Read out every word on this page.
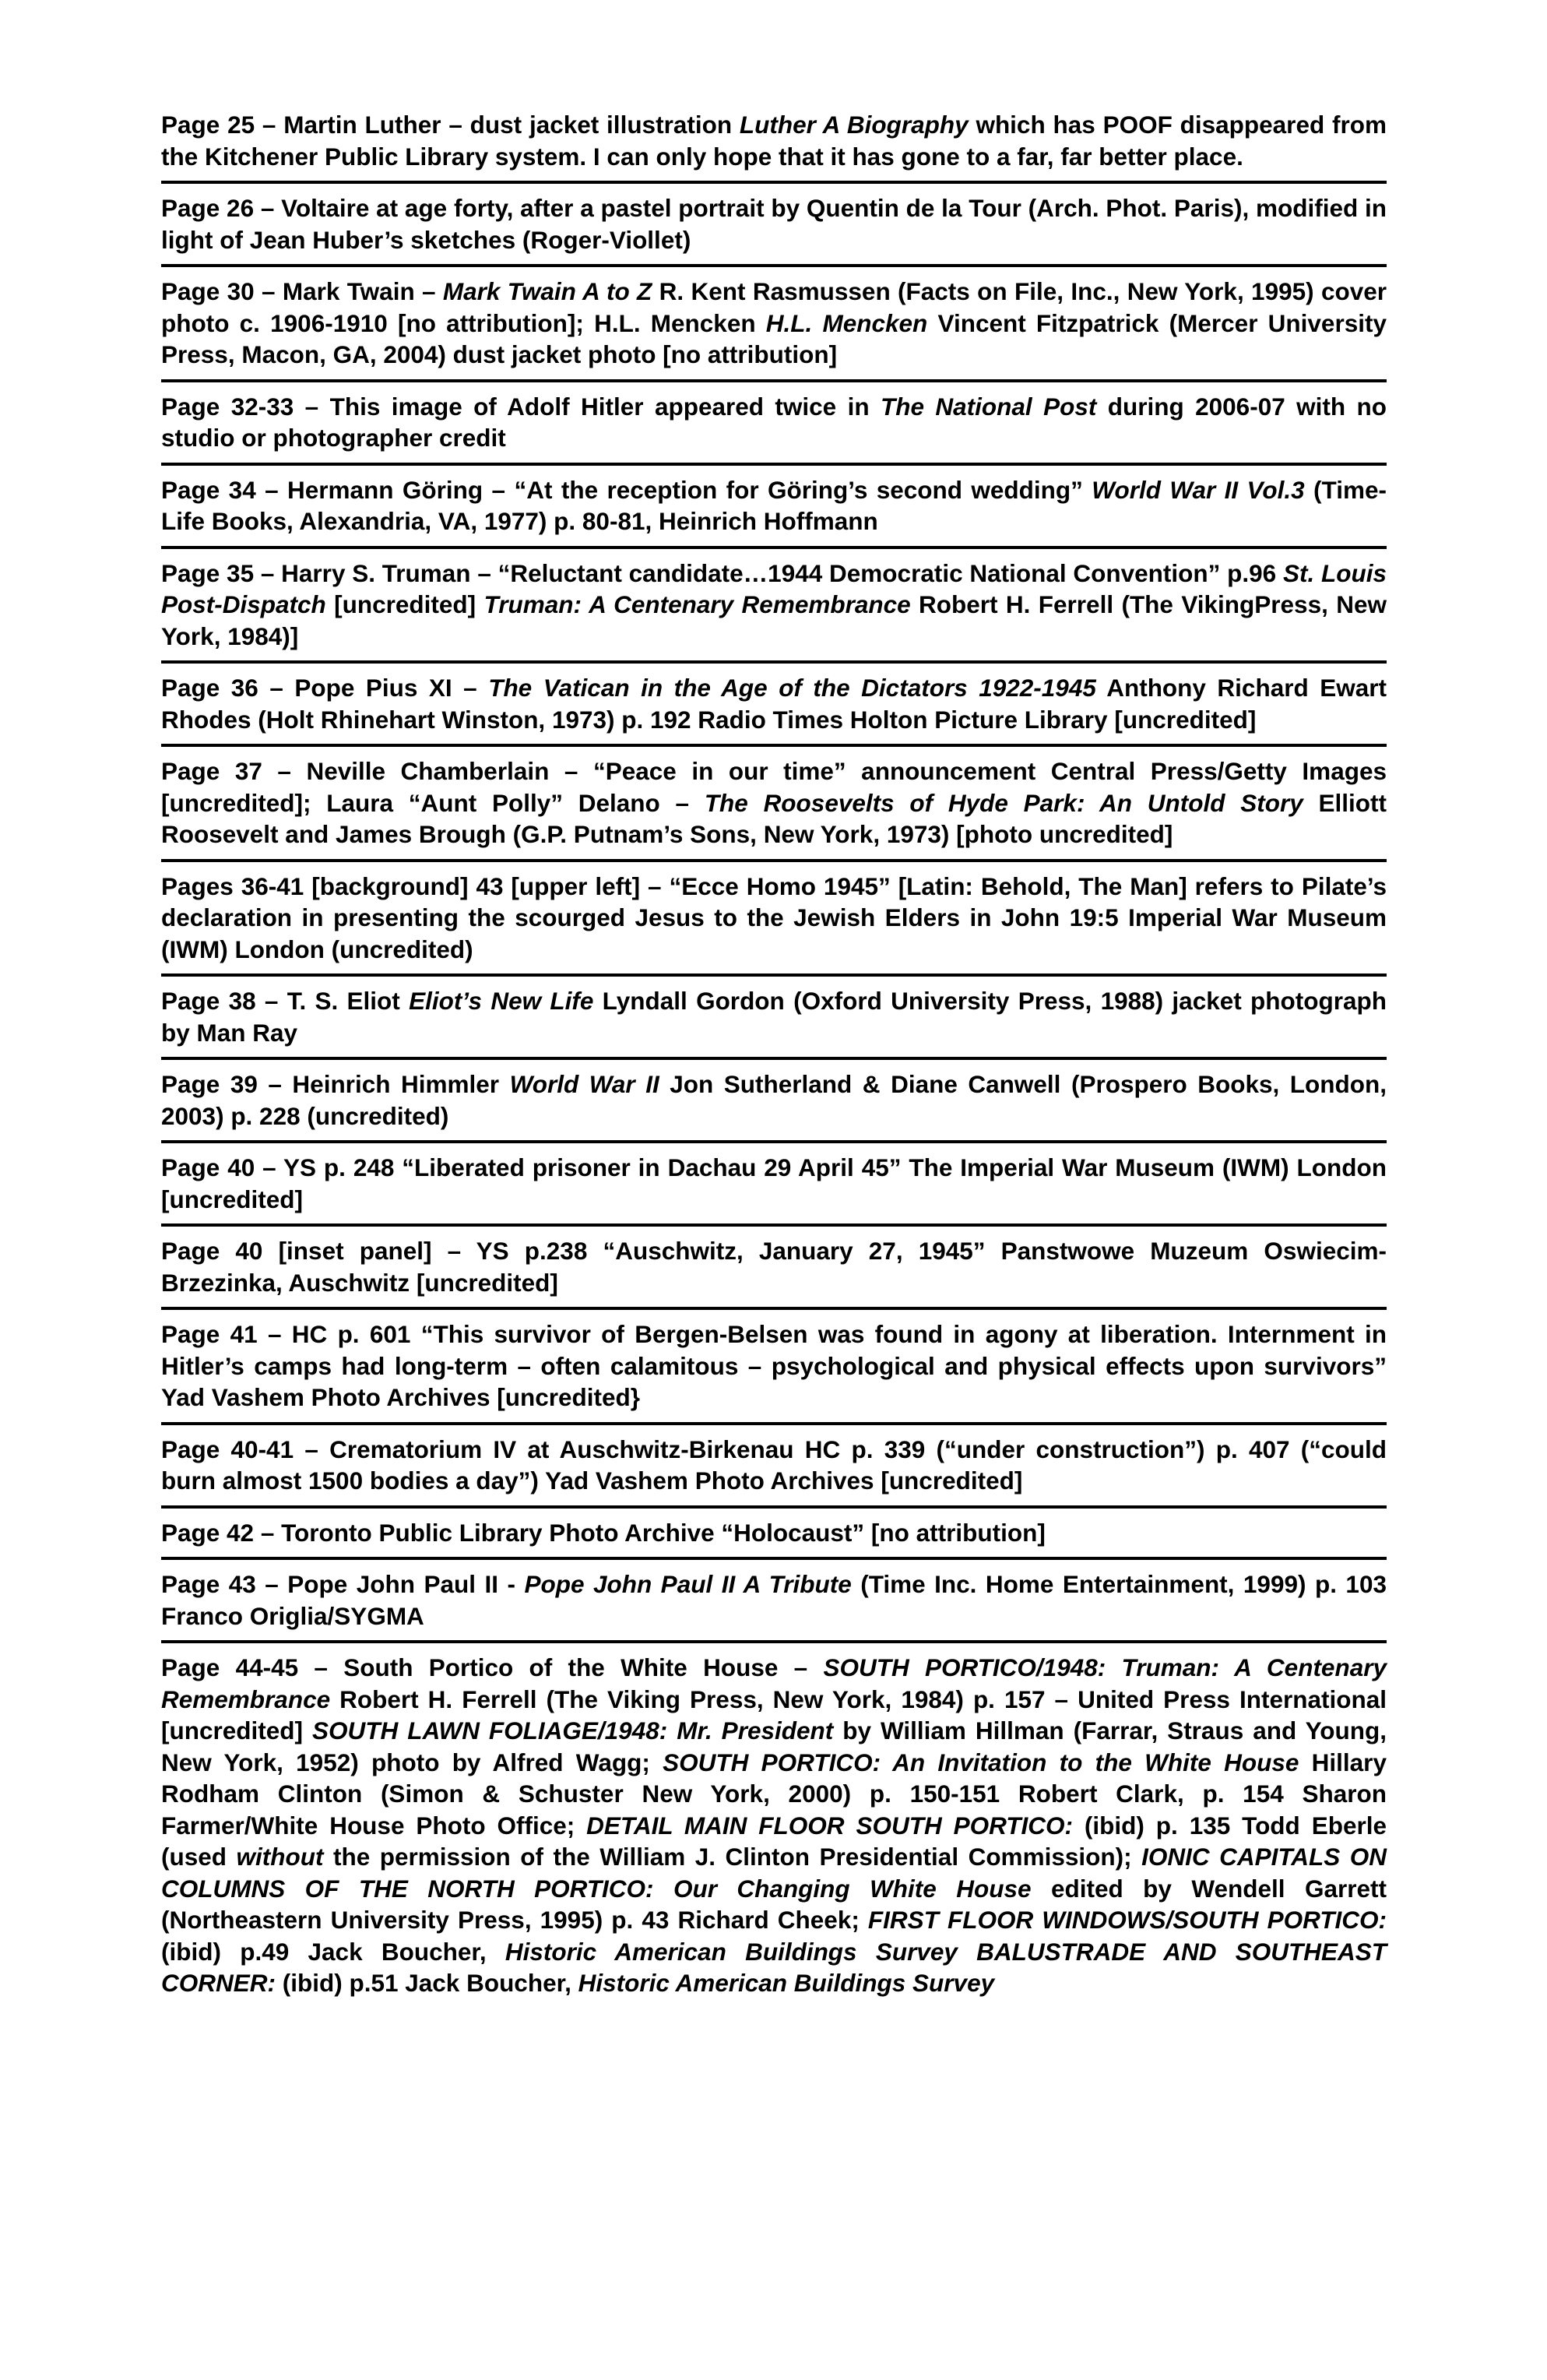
Page 25 – Martin Luther – dust jacket illustration Luther A Biography which has POOF disappeared from the Kitchener Public Library system. I can only hope that it has gone to a far, far better place.
Page 26 – Voltaire at age forty, after a pastel portrait by Quentin de la Tour (Arch. Phot. Paris), modified in light of Jean Huber’s sketches (Roger-Viollet)
Page 30 – Mark Twain – Mark Twain A to Z R. Kent Rasmussen (Facts on File, Inc., New York, 1995) cover photo c. 1906-1910 [no attribution]; H.L. Mencken H.L. Mencken Vincent Fitzpatrick (Mercer University Press, Macon, GA, 2004) dust jacket photo [no attribution]
Page 32-33 – This image of Adolf Hitler appeared twice in The National Post during 2006-07 with no studio or photographer credit
Page 34 – Hermann Göring – “At the reception for Göring’s second wedding” World War II Vol.3 (Time-Life Books, Alexandria, VA, 1977) p. 80-81, Heinrich Hoffmann
Page 35 – Harry S. Truman – “Reluctant candidate…1944 Democratic National Convention” p.96 St. Louis Post-Dispatch [uncredited] Truman: A Centenary Remembrance Robert H. Ferrell (The VikingPress, New York, 1984)]
Page 36 – Pope Pius XI – The Vatican in the Age of the Dictators 1922-1945 Anthony Richard Ewart Rhodes (Holt Rhinehart Winston, 1973) p. 192 Radio Times Holton Picture Library [uncredited]
Page 37 – Neville Chamberlain – “Peace in our time” announcement Central Press/Getty Images [uncredited]; Laura “Aunt Polly” Delano – The Roosevelts of Hyde Park: An Untold Story Elliott Roosevelt and James Brough (G.P. Putnam’s Sons, New York, 1973) [photo uncredited]
Pages 36-41 [background] 43 [upper left] – “Ecce Homo 1945” [Latin: Behold, The Man] refers to Pilate’s declaration in presenting the scourged Jesus to the Jewish Elders in John 19:5 Imperial War Museum (IWM) London (uncredited)
Page 38 – T. S. Eliot Eliot’s New Life Lyndall Gordon (Oxford University Press, 1988) jacket photograph by Man Ray
Page 39 – Heinrich Himmler World War II Jon Sutherland & Diane Canwell (Prospero Books, London, 2003) p. 228 (uncredited)
Page 40 – YS p. 248 “Liberated prisoner in Dachau 29 April 45” The Imperial War Museum (IWM) London [uncredited]
Page 40 [inset panel] – YS p.238 “Auschwitz, January 27, 1945” Panstwowe Muzeum Oswiecim-Brzezinka, Auschwitz [uncredited]
Page 41 – HC p. 601 “This survivor of Bergen-Belsen was found in agony at liberation. Internment in Hitler’s camps had long-term – often calamitous – psychological and physical effects upon survivors” Yad Vashem Photo Archives [uncredited}
Page 40-41 – Crematorium IV at Auschwitz-Birkenau HC p. 339 (“under construction”) p. 407 (“could burn almost 1500 bodies a day”) Yad Vashem Photo Archives [uncredited]
Page 42 – Toronto Public Library Photo Archive “Holocaust” [no attribution]
Page 43 – Pope John Paul II - Pope John Paul II A Tribute (Time Inc. Home Entertainment, 1999) p. 103 Franco Origlia/SYGMA
Page 44-45 – South Portico of the White House – SOUTH PORTICO/1948: Truman: A Centenary Remembrance Robert H. Ferrell (The Viking Press, New York, 1984) p. 157 – United Press International [uncredited] SOUTH LAWN FOLIAGE/1948: Mr. President by William Hillman (Farrar, Straus and Young, New York, 1952) photo by Alfred Wagg; SOUTH PORTICO: An Invitation to the White House Hillary Rodham Clinton (Simon & Schuster New York, 2000) p. 150-151 Robert Clark, p. 154 Sharon Farmer/White House Photo Office; DETAIL MAIN FLOOR SOUTH PORTICO: (ibid) p. 135 Todd Eberle (used without the permission of the William J. Clinton Presidential Commission); IONIC CAPITALS ON COLUMNS OF THE NORTH PORTICO: Our Changing White House edited by Wendell Garrett (Northeastern University Press, 1995) p. 43 Richard Cheek; FIRST FLOOR WINDOWS/SOUTH PORTICO: (ibid) p.49 Jack Boucher, Historic American Buildings Survey BALUSTRADE AND SOUTHEAST CORNER: (ibid) p.51 Jack Boucher, Historic American Buildings Survey
